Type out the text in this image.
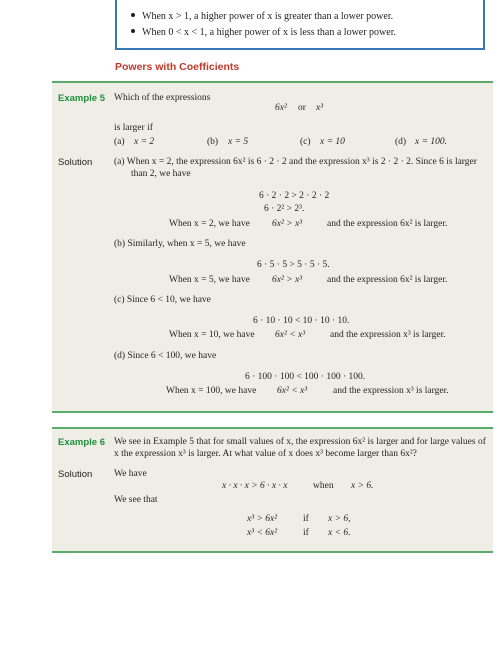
When x > 1, a higher power of x is greater than a lower power.
When 0 < x < 1, a higher power of x is less than a lower power.
Powers with Coefficients
Example 5 Which of the expressions
6x² or x³
is larger if
(a) x = 2	(b) x = 5	(c) x = 10	(d) x = 100.
Solution (a) When x = 2, the expression 6x² is 6 · 2 · 2 and the expression x³ is 2 · 2 · 2. Since 6 is larger
than 2, we have
6 · 2 · 2 > 2 · 2 · 2
6 · 2² > 2³.
When x = 2, we have 6x² > x³	and the expression 6x² is larger.
(b) Similarly, when x = 5, we have
6 · 5 · 5 > 5 · 5 · 5.
When x = 5, we have 6x² > x³	and the expression 6x² is larger.
(c) Since 6 < 10, we have
6 · 10 · 10 < 10 · 10 · 10.
When x = 10, we have 6x² < x³	and the expression x³ is larger.
(d) Since 6 < 100, we have
6 · 100 · 100 < 100 · 100 · 100.
When x = 100, we have 6x² < x³	and the expression x³ is larger.
Example 6 We see in Example 5 that for small values of x, the expression 6x² is larger and for large values of
x the expression x³ is larger. At what value of x does x³ become larger than 6x²?
Solution We have
x · x · x > 6 · x · x	when x > 6.
We see that
x³ > 6x²	if x > 6,
x³ < 6x²	if x < 6.
